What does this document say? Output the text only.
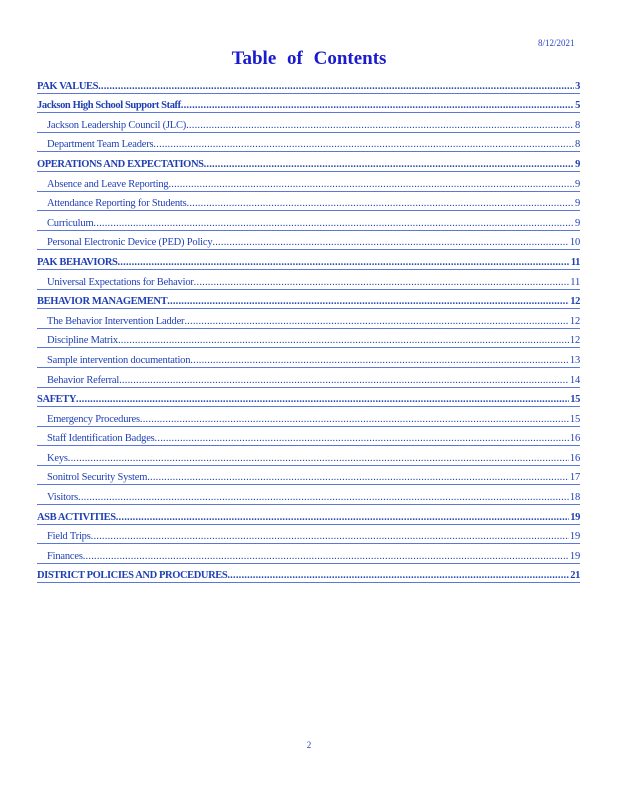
8/12/2021
Table of Contents
PAK VALUES .....	3
Jackson High School Support Staff .....	5
Jackson Leadership Council (JLC) .....	8
Department Team Leaders .....	8
OPERATIONS AND EXPECTATIONS .....	9
Absence and Leave Reporting .....	9
Attendance Reporting for Students .....	9
Curriculum .....	9
Personal Electronic Device (PED) Policy .....	10
PAK BEHAVIORS .....	11
Universal Expectations for Behavior .....	11
BEHAVIOR MANAGEMENT .....	12
The Behavior Intervention Ladder .....	12
Discipline Matrix .....	12
Sample intervention documentation .....	13
Behavior Referral .....	14
SAFETY .....	15
Emergency Procedures .....	15
Staff Identification Badges .....	16
Keys .....	16
Sonitrol Security System .....	17
Visitors .....	18
ASB ACTIVITIES .....	19
Field Trips .....	19
Finances .....	19
DISTRICT POLICIES AND PROCEDURES .....	21
2
